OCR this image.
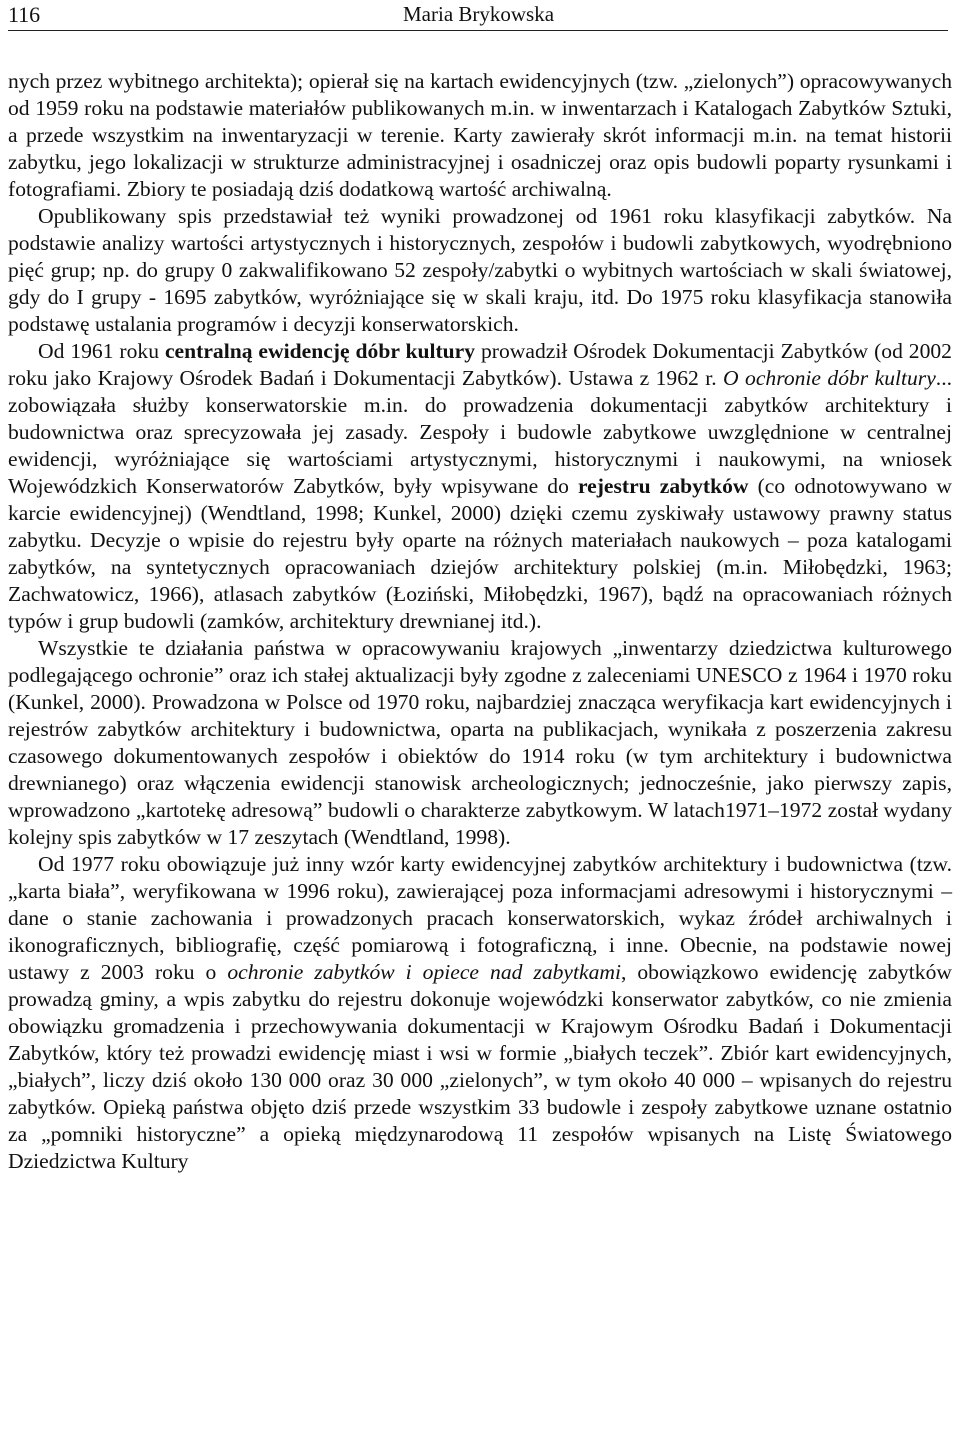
116	Maria Brykowska

nych przez wybitnego architekta); opierał się na kartach ewidencyjnych (tzw. „zielonych”) opracowywanych od 1959 roku na podstawie materiałów publikowanych m.in. w inwentarzach i Katalogach Zabytków Sztuki, a przede wszystkim na inwentaryzacji w terenie. Karty zawierały skrót informacji m.in. na temat historii zabytku, jego lokalizacji w strukturze administracyjnej i osadniczej oraz opis budowli poparty rysunkami i fotografiami. Zbiory te posiadają dziś dodatkową wartość archiwalną.

Opublikowany spis przedstawiał też wyniki prowadzonej od 1961 roku klasyfikacji zabytków. Na podstawie analizy wartości artystycznych i historycznych, zespołów i budowli zabytkowych, wyodrębniono pięć grup; np. do grupy 0 zakwalifikowano 52 zespoły/zabytki o wybitnych wartościach w skali światowej, gdy do I grupy - 1695 zabytków, wyróżniające się w skali kraju, itd. Do 1975 roku klasyfikacja stanowiła podstawę ustalania programów i decyzji konserwatorskich.

Od 1961 roku centralną ewidencję dóbr kultury prowadził Ośrodek Dokumentacji Zabytków (od 2002 roku jako Krajowy Ośrodek Badań i Dokumentacji Zabytków). Ustawa z 1962 r. O ochronie dóbr kultury... zobowiązała służby konserwatorskie m.in. do prowadzenia dokumentacji zabytków architektury i budownictwa oraz sprecyzowała jej zasady. Zespoły i budowle zabytkowe uwzględnione w centralnej ewidencji, wyróżniające się wartościami artystycznymi, historycznymi i naukowymi, na wniosek Wojewódzkich Konserwatorów Zabytków, były wpisywane do rejestru zabytków (co odnotowywano w karcie ewidencyjnej) (Wendtland, 1998; Kunkel, 2000) dzięki czemu zyskiwały ustawowy prawny status zabytku. Decyzje o wpisie do rejestru były oparte na różnych materiałach naukowych – poza katalogami zabytków, na syntetycznych opracowaniach dziejów architektury polskiej (m.in. Miłobędzki, 1963; Zachwatowicz, 1966), atlasach zabytków (Łoziński, Miłobędzki, 1967), bądź na opracowaniach różnych typów i grup budowli (zamków, architektury drewnianej itd.).

Wszystkie te działania państwa w opracowywaniu krajowych „inwentarzy dziedzictwa kulturowego podlegającego ochronie” oraz ich stałej aktualizacji były zgodne z zaleceniami UNESCO z 1964 i 1970 roku (Kunkel, 2000). Prowadzona w Polsce od 1970 roku, najbardziej znacząca weryfikacja kart ewidencyjnych i rejestrów zabytków architektury i budownictwa, oparta na publikacjach, wynikała z poszerzenia zakresu czasowego dokumentowanych zespołów i obiektów do 1914 roku (w tym architektury i budownictwa drewnianego) oraz włączenia ewidencji stanowisk archeologicznych; jednocześnie, jako pierwszy zapis, wprowadzono „kartotekę adresową” budowli o charakterze zabytkowym. W latach1971–1972 został wydany kolejny spis zabytków w 17 zeszytach (Wendtland, 1998).

Od 1977 roku obowiązuje już inny wzór karty ewidencyjnej zabytków architektury i budownictwa (tzw. „karta biała”, weryfikowana w 1996 roku), zawierającej poza informacjami adresowymi i historycznymi – dane o stanie zachowania i prowadzonych pracach konserwatorskich, wykaz źródeł archiwalnych i ikonograficznych, bibliografię, część pomiarową i fotograficzną, i inne. Obecnie, na podstawie nowej ustawy z 2003 roku o ochronie zabytków i opiece nad zabytkami, obowiązkowo ewidencję zabytków prowadzą gminy, a wpis zabytku do rejestru dokonuje wojewódzki konserwator zabytków, co nie zmienia obowiązku gromadzenia i przechowywania dokumentacji w Krajowym Ośrodku Badań i Dokumentacji Zabytków, który też prowadzi ewidencję miast i wsi w formie „białych teczek”. Zbiór kart ewidencyjnych, „białych”, liczy dziś około 130 000 oraz 30 000 „zielonych”, w tym około 40 000 – wpisanych do rejestru zabytków. Opieką państwa objęto dziś przede wszystkim 33 budowle i zespoły zabytkowe uznane ostatnio za „pomniki historyczne” a opieką międzynarodową 11 zespołów wpisanych na Listę Światowego Dziedzictwa Kultury
